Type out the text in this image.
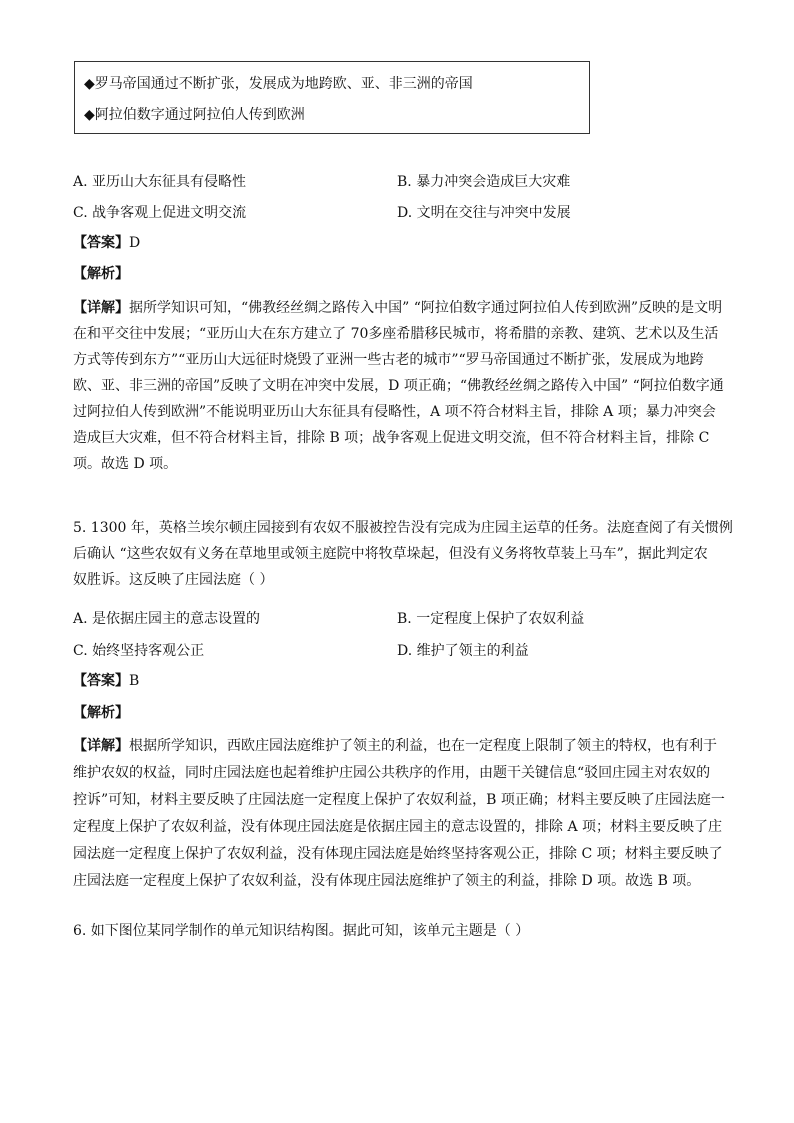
◆罗马帝国通过不断扩张，发展成为地跨欧、亚、非三洲的帝国
◆阿拉伯数字通过阿拉伯人传到欧洲
A. 亚历山大东征具有侵略性	B. 暴力冲突会造成巨大灾难
C. 战争客观上促进文明交流	D. 文明在交往与冲突中发展
【答案】D
【解析】
【详解】据所学知识可知，“佛教经丝绸之路传入中国” “阿拉伯数字通过阿拉伯人传到欧洲”反映的是文明
在和平交往中发展；“亚历山大在东方建立了 70多座希腊移民城市，将希腊的亲教、建筑、艺术以及生活
方式等传到东方”“亚历山大远征时烧毁了亚洲一些古老的城市”“罗马帝国通过不断扩张，发展成为地跨
欧、亚、非三洲的帝国”反映了文明在冲突中发展，D 项正确；“佛教经丝绸之路传入中国” “阿拉伯数字通
过阿拉伯人传到欧洲”不能说明亚历山大东征具有侵略性，A 项不符合材料主旨，排除 A 项；暴力冲突会
造成巨大灾难，但不符合材料主旨，排除 B 项；战争客观上促进文明交流，但不符合材料主旨，排除 C
项。故选 D 项。
5. 1300 年，英格兰埃尔顿庄园接到有农奴不服被控告没有完成为庄园主运草的任务。法庭查阅了有关惯例
后确认 “这些农奴有义务在草地里或领主庭院中将牧草垛起，但没有义务将牧草装上马车”，据此判定农
奴胜诉。这反映了庄园法庭（ ）
A. 是依据庄园主的意志设置的	B. 一定程度上保护了农奴利益
C. 始终坚持客观公正	D. 维护了领主的利益
【答案】B
【解析】
【详解】根据所学知识，西欧庄园法庭维护了领主的利益，也在一定程度上限制了领主的特权，也有利于
维护农奴的权益，同时庄园法庭也起着维护庄园公共秩序的作用，由题干关键信息“驳回庄园主对农奴的
控诉”可知，材料主要反映了庄园法庭一定程度上保护了农奴利益，B 项正确；材料主要反映了庄园法庭一
定程度上保护了农奴利益，没有体现庄园法庭是依据庄园主的意志设置的，排除 A 项；材料主要反映了庄
园法庭一定程度上保护了农奴利益，没有体现庄园法庭是始终坚持客观公正，排除 C 项；材料主要反映了
庄园法庭一定程度上保护了农奴利益，没有体现庄园法庭维护了领主的利益，排除 D 项。故选 B 项。
6. 如下图位某同学制作的单元知识结构图。据此可知，该单元主题是（ ）
